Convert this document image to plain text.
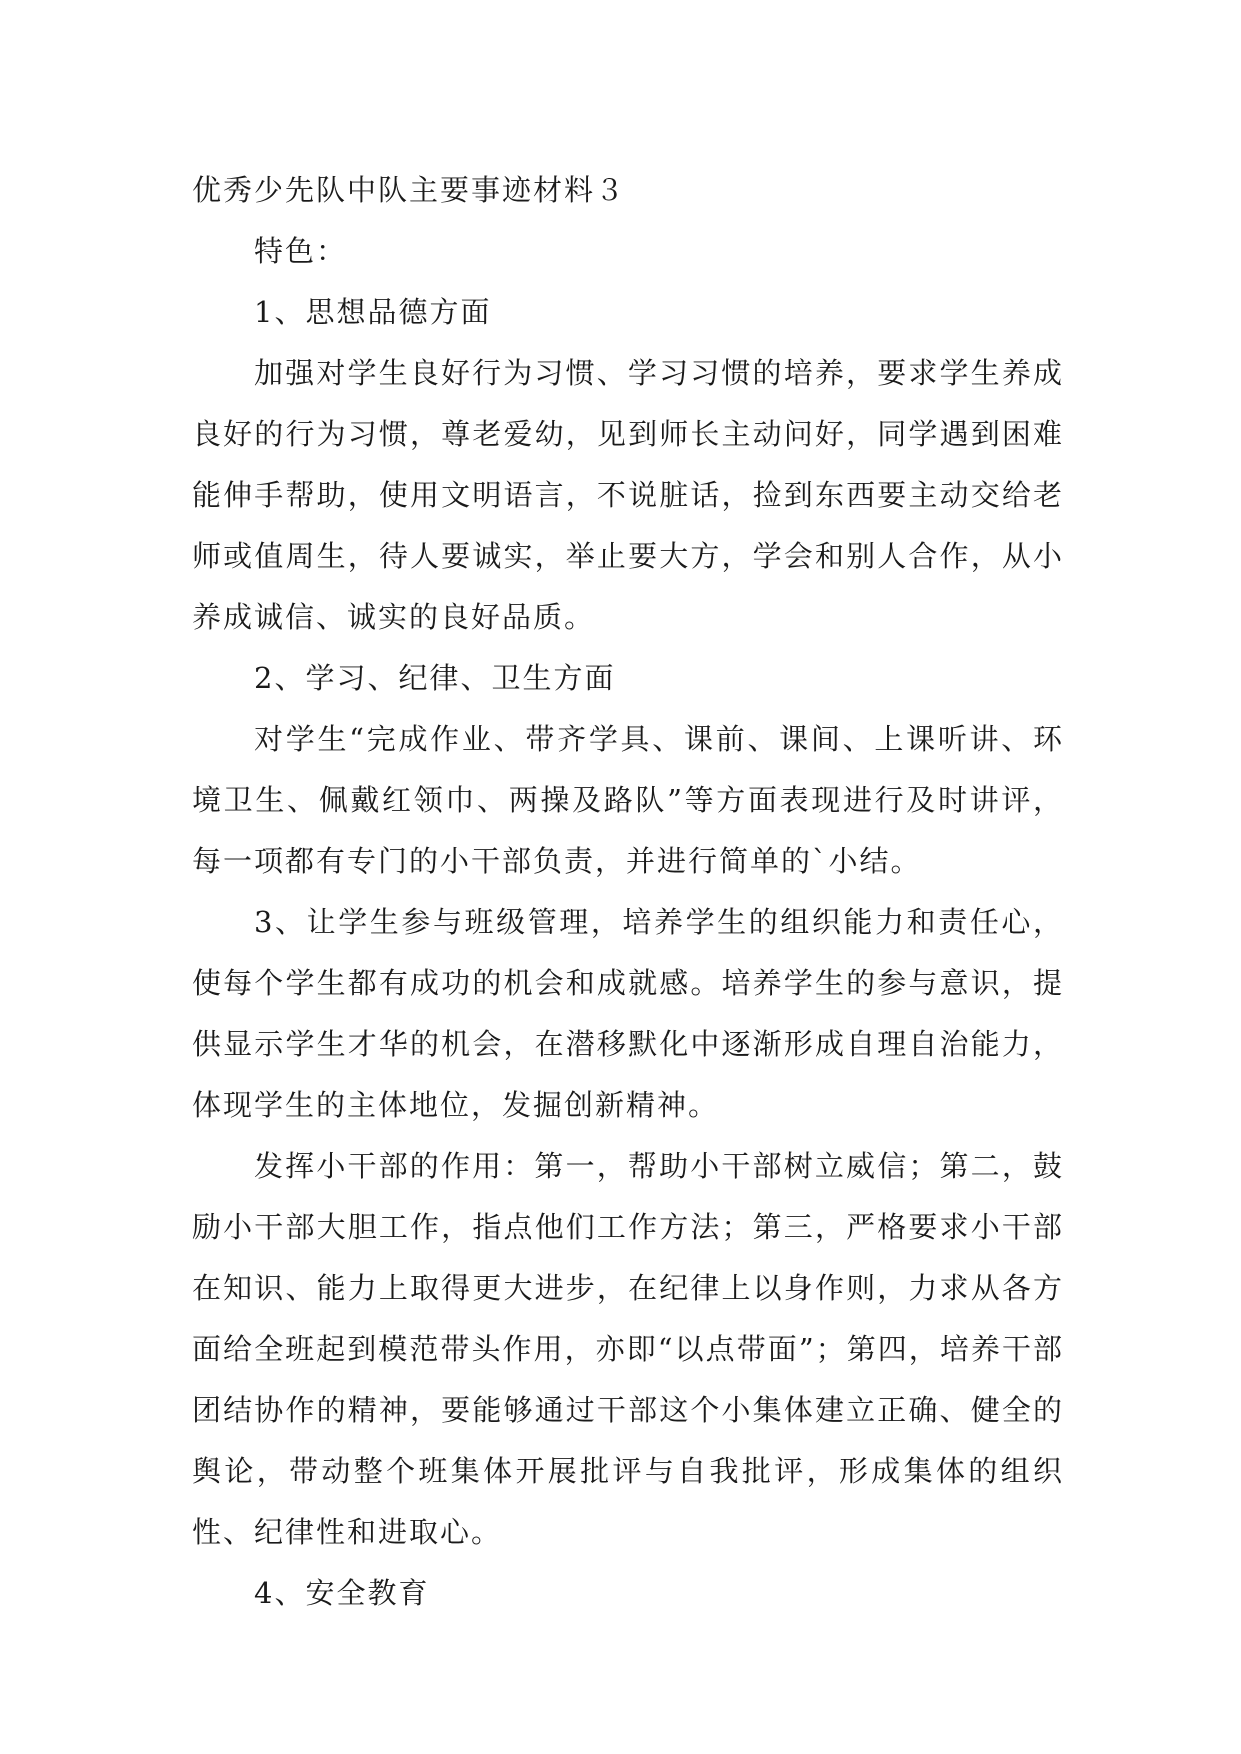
优秀少先队中队主要事迹材料３

特色：

1、思想品德方面

加强对学生良好行为习惯、学习习惯的培养，要求学生养成良好的行为习惯，尊老爱幼，见到师长主动问好，同学遇到困难能伸手帮助，使用文明语言，不说脏话，捡到东西要主动交给老师或值周生，待人要诚实，举止要大方，学会和别人合作，从小养成诚信、诚实的良好品质。

2、学习、纪律、卫生方面

对学生“完成作业、带齐学具、课前、课间、上课听讲、环境卫生、佩戴红领巾、两操及路队”等方面表现进行及时讲评，每一项都有专门的小干部负责，并进行简单的`小结。

3、让学生参与班级管理，培养学生的组织能力和责任心，使每个学生都有成功的机会和成就感。培养学生的参与意识，提供显示学生才华的机会，在潜移默化中逐渐形成自理自治能力，体现学生的主体地位，发掘创新精神。

发挥小干部的作用：第一，帮助小干部树立威信；第二，鼓励小干部大胆工作，指点他们工作方法；第三，严格要求小干部在知识、能力上取得更大进步，在纪律上以身作则，力求从各方面给全班起到模范带头作用，亦即“以点带面”；第四，培养干部团结协作的精神，要能够通过干部这个小集体建立正确、健全的舆论，带动整个班集体开展批评与自我批评，形成集体的组织性、纪律性和进取心。

4、安全教育
